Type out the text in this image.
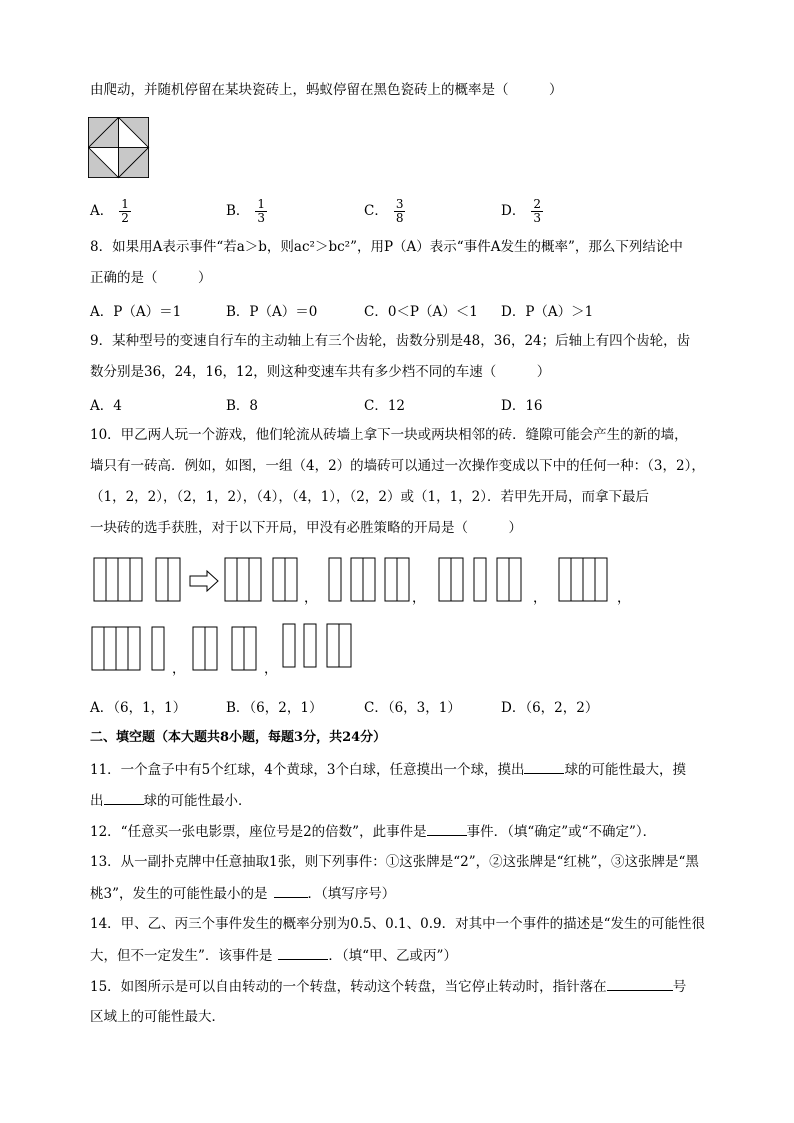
由爬动，并随机停留在某块瓷砖上，蚂蚁停留在黑色瓷砖上的概率是（　　　）
A． $\frac{1}{2}$	B． $\frac{1}{3}$	C． $\frac{3}{8}$	D． $\frac{2}{3}$
8．如果用A表示事件“若a＞b，则ac²＞bc²”，用P（A）表示“事件A发生的概率”，那么下列结论中
正确的是（　　　）
A．P（A）＝1	B．P（A）＝0	C．0＜P（A）＜1 D．P（A）＞1
9．某种型号的变速自行车的主动轴上有三个齿轮，齿数分别是48，36，24；后轴上有四个齿轮，齿
数分别是36，24，16，12，则这种变速车共有多少档不同的车速（　　　）
A．4	B．8	C．12	D．16
10．甲乙两人玩一个游戏，他们轮流从砖墙上拿下一块或两块相邻的砖．缝隙可能会产生的新的墙，
墙只有一砖高．例如，如图，一组（4，2）的墙砖可以通过一次操作变成以下中的任何一种：（3，2），
（1，2，2），（2，1，2），（4），（4，1），（2，2）或（1，1，2）．若甲先开局，而拿下最后
一块砖的选手获胜，对于以下开局，甲没有必胜策略的开局是（　　　）
，	，	，	，
，	，
A．（6，1，1）	B．（6，2，1）	C．（6，3，1）	D．（6，2，2）
二、填空题（本大题共8小题，每题3分，共24分）
11．一个盒子中有5个红球，4个黄球，3个白球，任意摸出一个球，摸出	球的可能性最大，摸
出	球的可能性最小．
12．“任意买一张电影票，座位号是2的倍数”，此事件是	事件．（填“确定”或“不确定”）．
13．从一副扑克牌中任意抽取1张，则下列事件：①这张牌是“2”，②这张牌是“红桃”，③这张牌是“黑
桃3”，发生的可能性最小的是	．（填写序号）
14．甲、乙、丙三个事件发生的概率分别为0.5、0.1、0.9．对其中一个事件的描述是“发生的可能性很
大，但不一定发生”．该事件是	．（填“甲、乙或丙”）
15．如图所示是可以自由转动的一个转盘，转动这个转盘，当它停止转动时，指针落在	号
区域上的可能性最大．
